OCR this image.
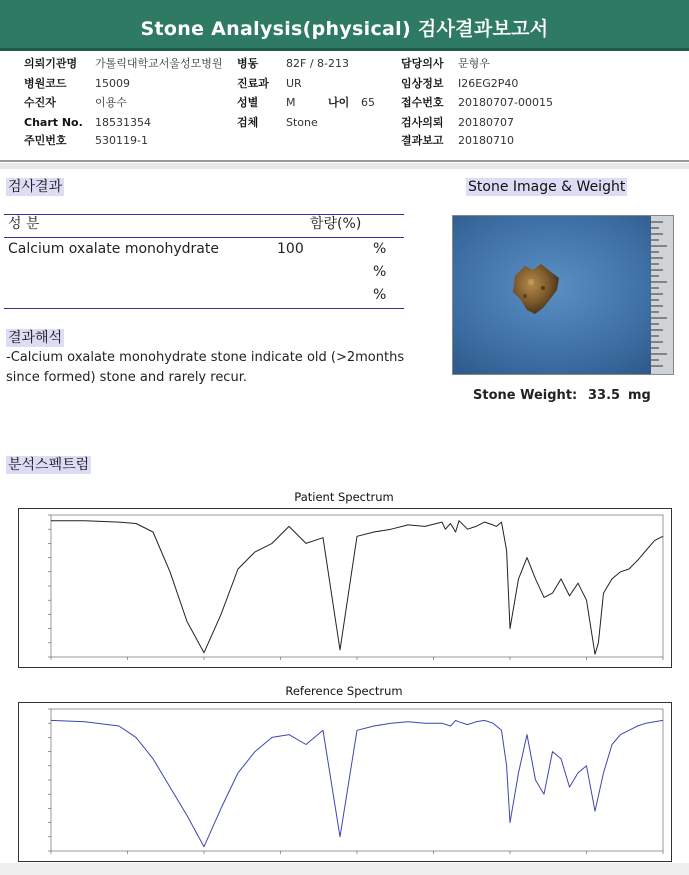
Stone Analysis(physical) 검사결과보고서
의뢰기관명 가톨릭대학교서울성모병원 병동	82F / 8-213	담당의사 문형우
병원코드	15009	진료과 UR	임상정보 I26EG2P40
수진자	이용수	성별	M	나이 65 접수번호 20180707-00015
Chart No. 18531354	검체	Stone	검사의뢰 20180707
주민번호	530119-1	결과보고 20180710
검사결과
성 분	함량(%)
Calcium oxalate monohydrate	100	%
%
%
결과해석
-Calcium oxalate monohydrate stone indicate old (>2months
since formed) stone and rarely recur.
Stone Image & Weight
Stone Weight: 33.5 mg
분석스펙트럼
Patient Spectrum
Reference Spectrum
